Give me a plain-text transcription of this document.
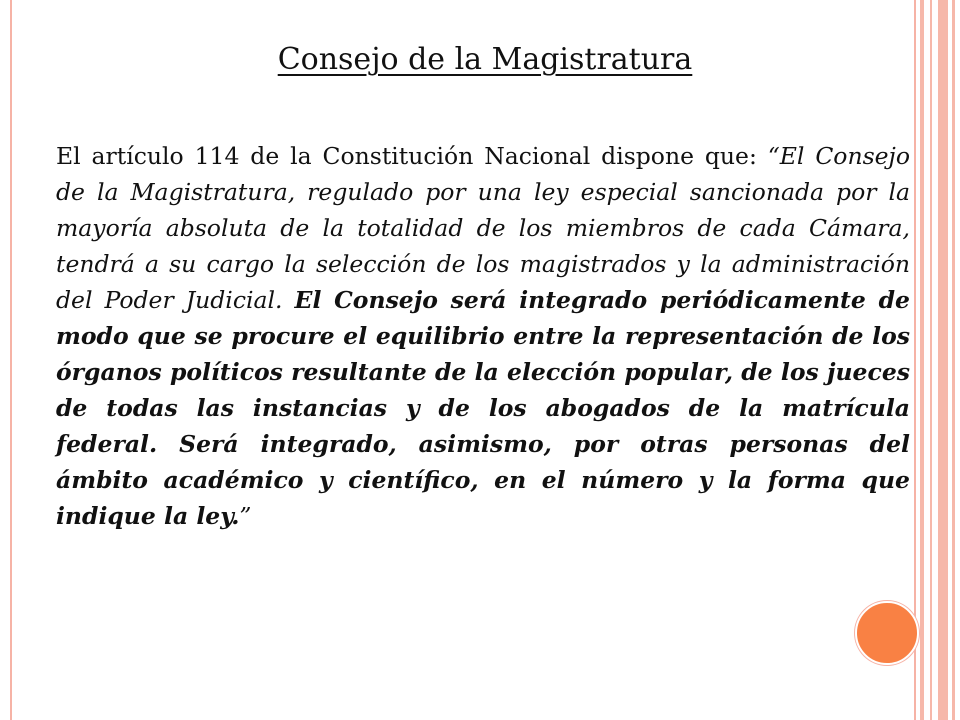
Consejo de la Magistratura

El artículo 114 de la Constitución Nacional dispone que: “El Consejo de la Magistratura, regulado por una ley especial sancionada por la mayoría absoluta de la totalidad de los miembros de cada Cámara, tendrá a su cargo la selección de los magistrados y la administración del Poder Judicial. El Consejo será integrado periódicamente de modo que se procure el equilibrio entre la representación de los órganos políticos resultante de la elección popular, de los jueces de todas las instancias y de los abogados de la matrícula federal. Será integrado, asimismo, por otras personas del ámbito académico y científico, en el número y la forma que indique la ley.”
